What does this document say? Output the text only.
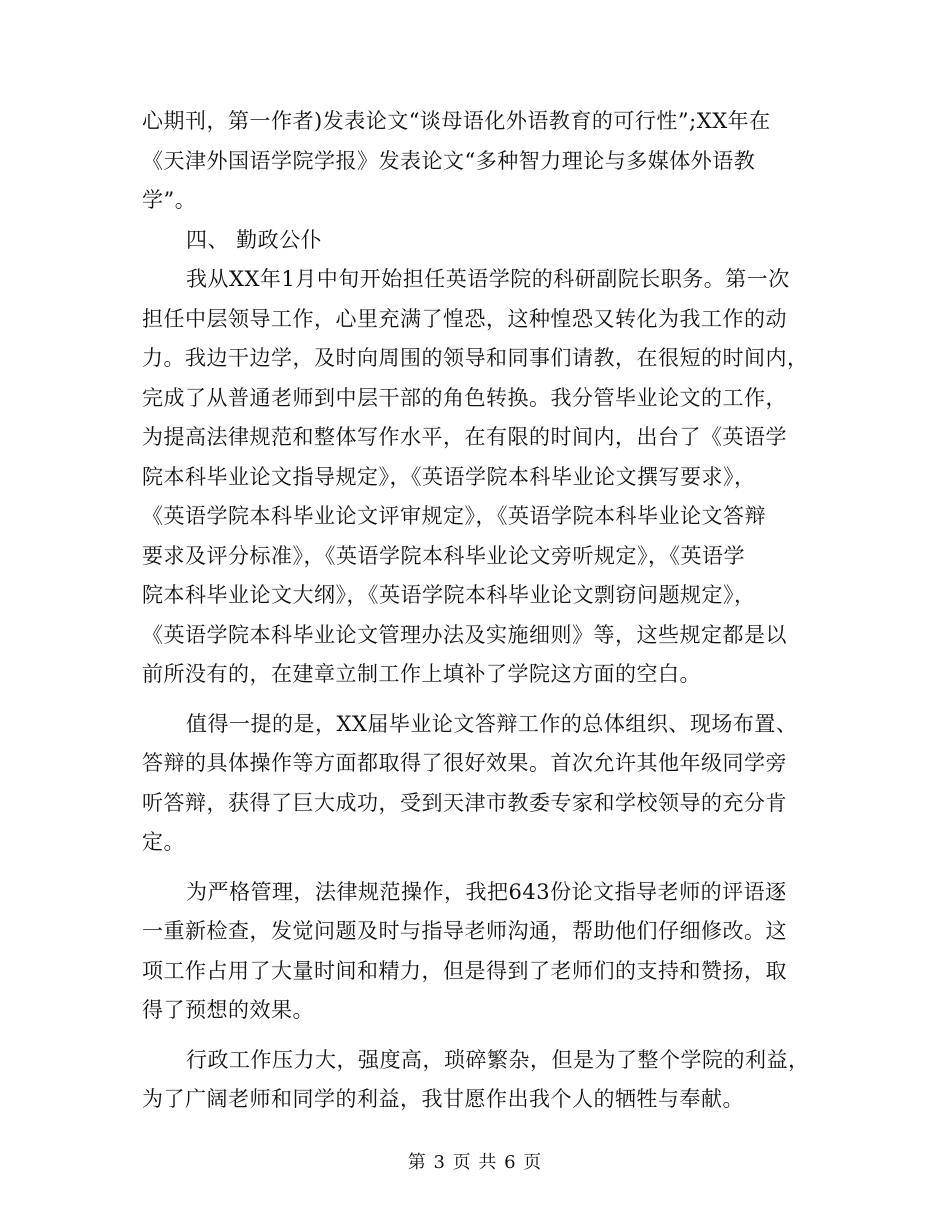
心期刊，第一作者)发表论文“谈母语化外语教育的可行性”;XX年在
《天津外国语学院学报》发表论文“多种智力理论与多媒体外语教
学”。
四、 勤政公仆
我从XX年1月中旬开始担任英语学院的科研副院长职务。第一次
担任中层领导工作，心里充满了惶恐，这种惶恐又转化为我工作的动
力。我边干边学，及时向周围的领导和同事们请教，在很短的时间内，
完成了从普通老师到中层干部的角色转换。我分管毕业论文的工作，
为提高法律规范和整体写作水平，在有限的时间内，出台了《英语学
院本科毕业论文指导规定》，《英语学院本科毕业论文撰写要求》，
《英语学院本科毕业论文评审规定》，《英语学院本科毕业论文答辩
要求及评分标准》，《英语学院本科毕业论文旁听规定》，《英语学
院本科毕业论文大纲》，《英语学院本科毕业论文剽窃问题规定》，
《英语学院本科毕业论文管理办法及实施细则》等，这些规定都是以
前所没有的，在建章立制工作上填补了学院这方面的空白。
值得一提的是，XX届毕业论文答辩工作的总体组织、现场布置、
答辩的具体操作等方面都取得了很好效果。首次允许其他年级同学旁
听答辩，获得了巨大成功，受到天津市教委专家和学校领导的充分肯
定。
为严格管理，法律规范操作，我把643份论文指导老师的评语逐
一重新检查，发觉问题及时与指导老师沟通，帮助他们仔细修改。这
项工作占用了大量时间和精力，但是得到了老师们的支持和赞扬，取
得了预想的效果。
行政工作压力大，强度高，琐碎繁杂，但是为了整个学院的利益，
为了广阔老师和同学的利益，我甘愿作出我个人的牺牲与奉献。
第 3 页 共 6 页
